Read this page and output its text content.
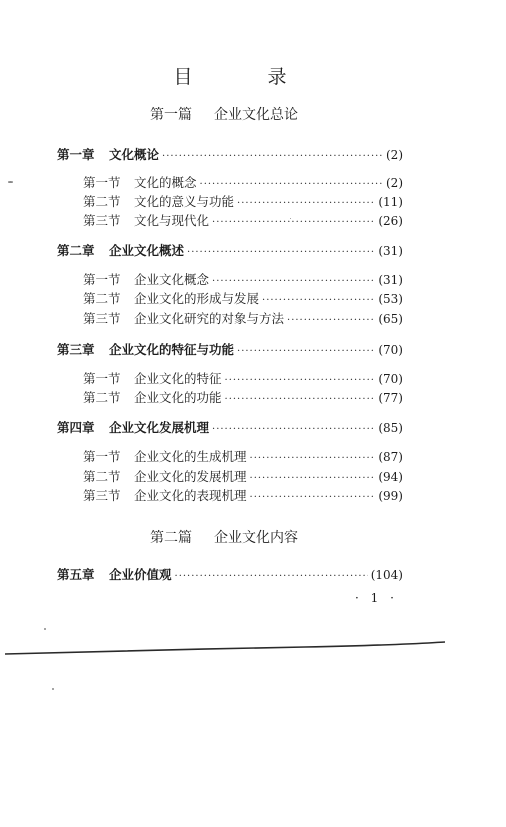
目　录
第一篇 企业文化总论
第二篇 企业文化内容
第一章	文化概论 ·····	(2)
第一节	文化的概念 ·····	(2)
第二节	文化的意义与功能 ·····	(11)
第三节	文化与现代化 ·····	(26)
第二章	企业文化概述 ·····	(31)
第一节	企业文化概念 ·····	(31)
第二节	企业文化的形成与发展 ·····	(53)
第三节	企业文化研究的对象与方法 ·····	(65)
第三章	企业文化的特征与功能 ·····	(70)
第一节	企业文化的特征 ·····	(70)
第二节	企业文化的功能 ·····	(77)
第四章	企业文化发展机理 ·····	(85)
第一节	企业文化的生成机理 ·····	(87)
第二节	企业文化的发展机理 ·····	(94)
第三节	企业文化的表现机理 ·····	(99)
第五章	企业价值观 ·····	(104)
· 1 ·
